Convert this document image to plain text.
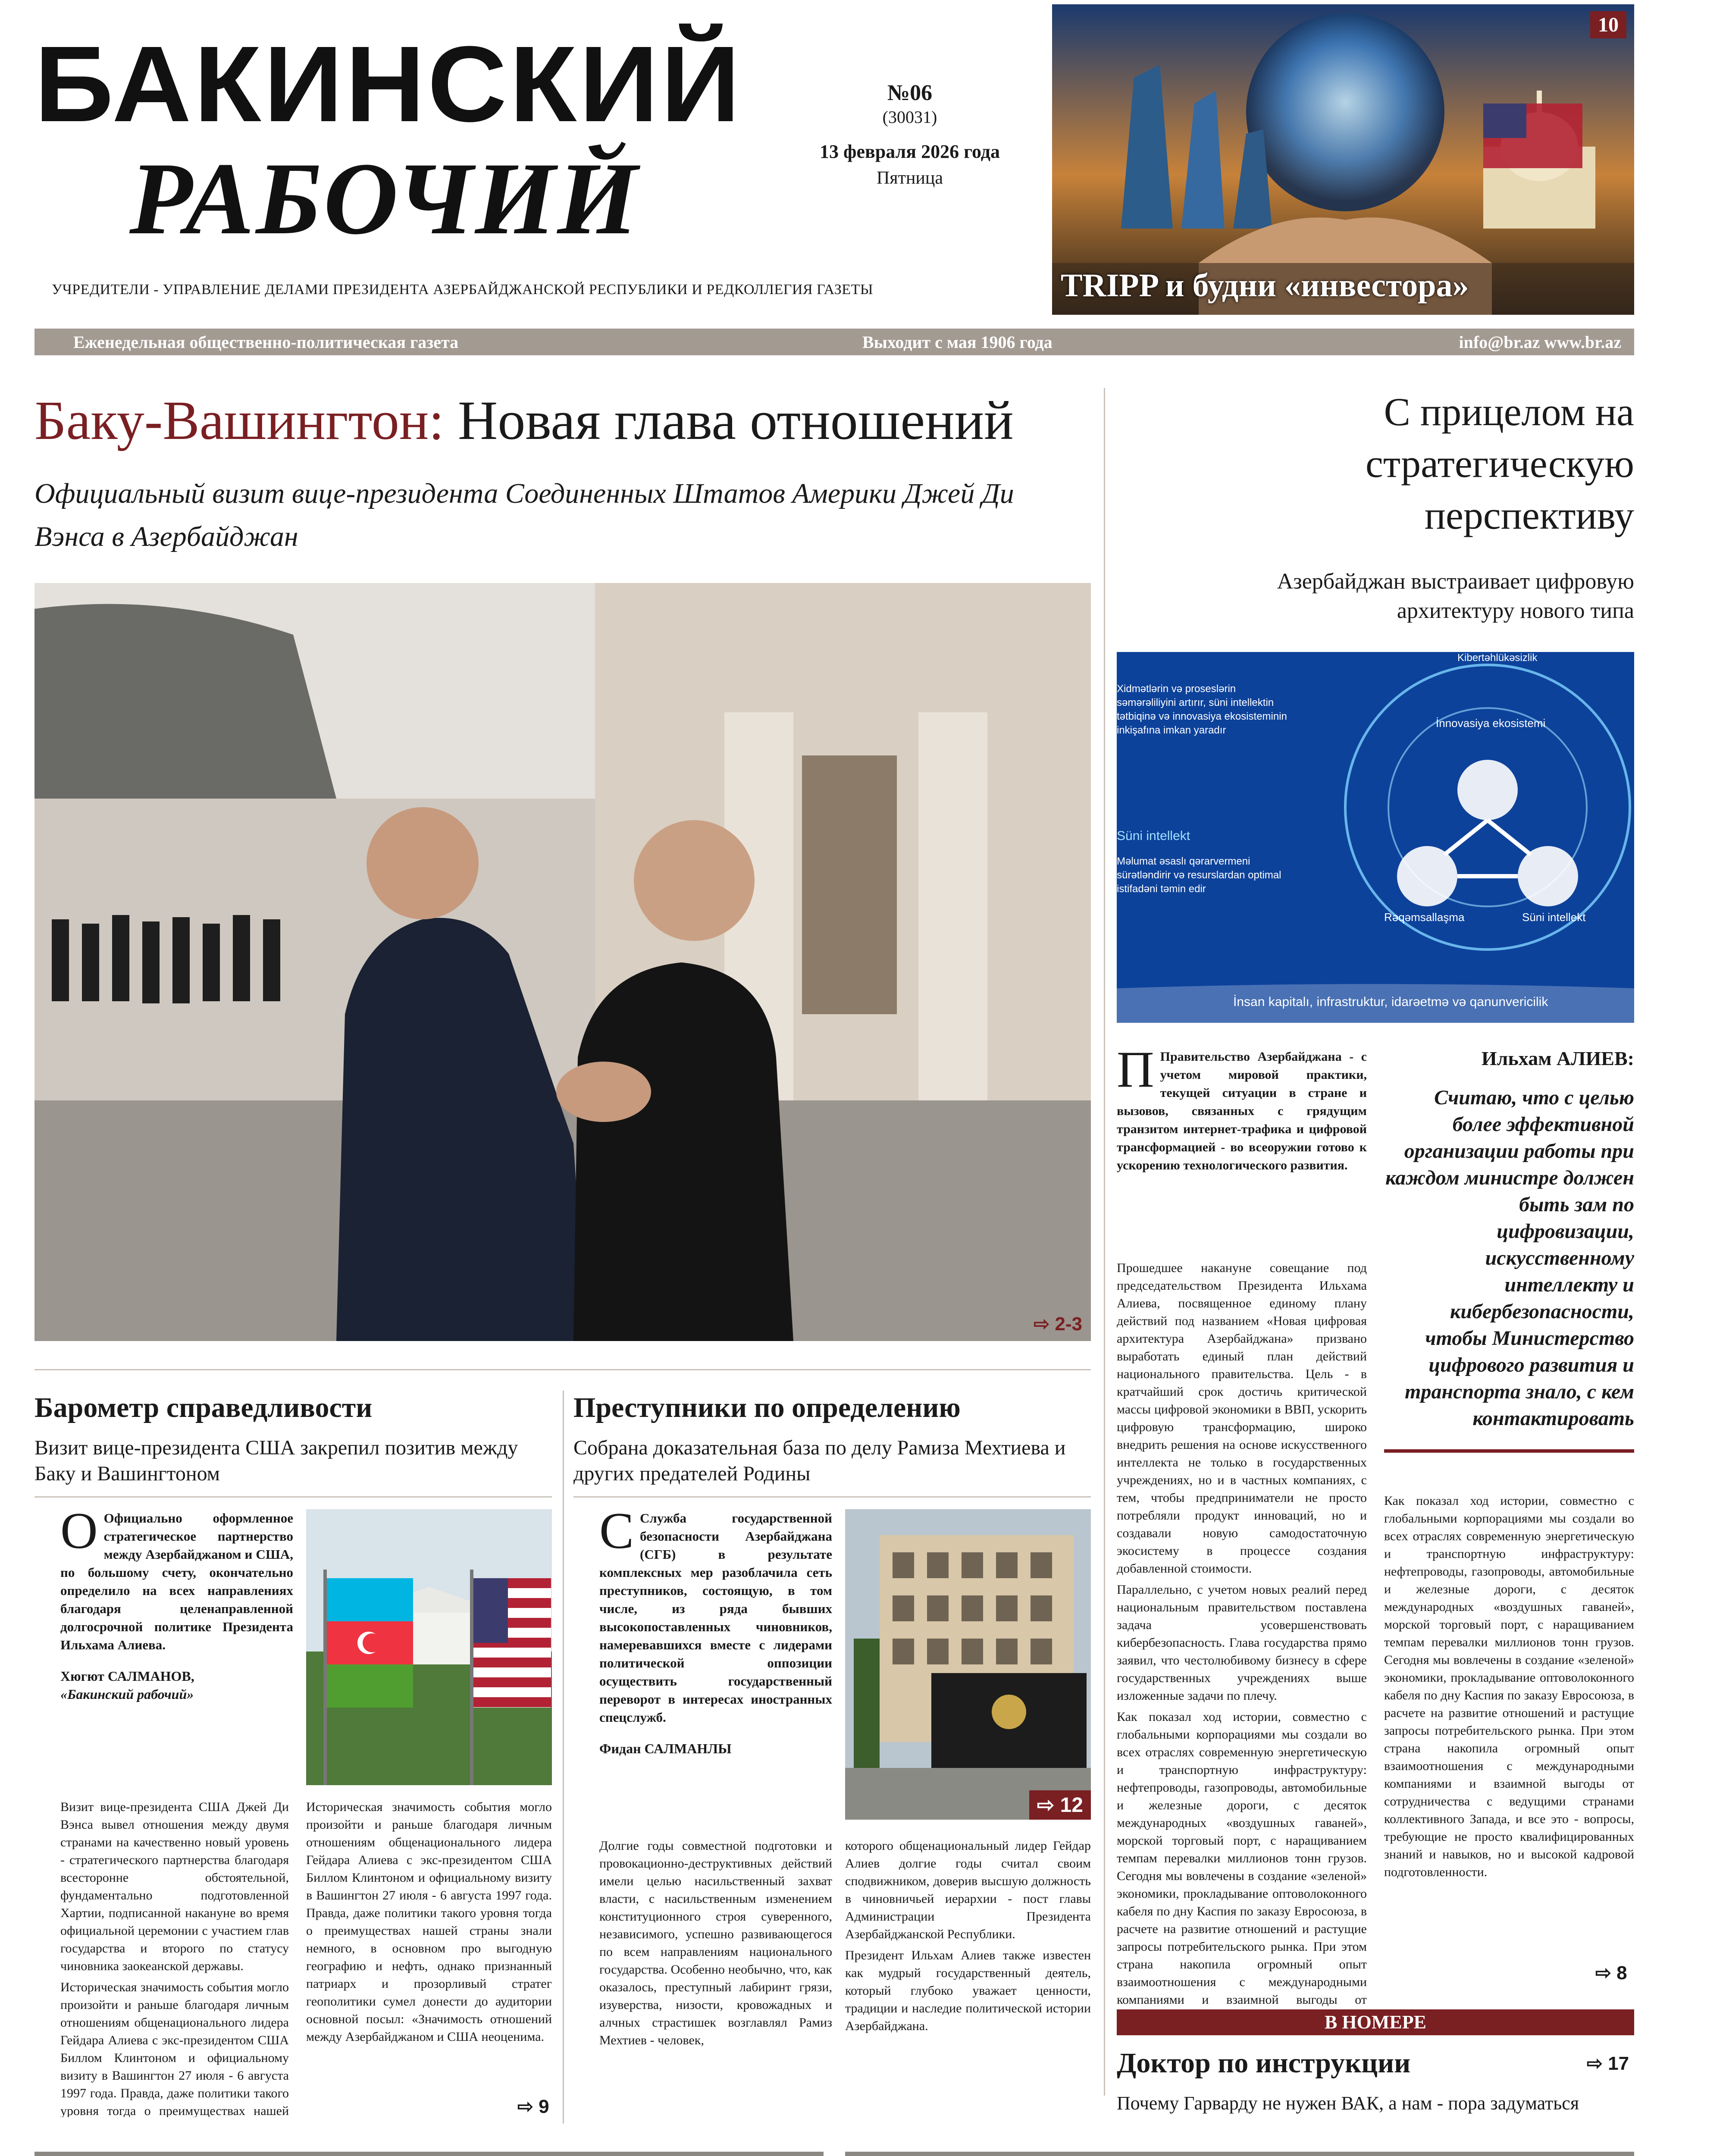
БАКИНСКИЙ
РАБОЧИЙ
№06
(30031)
13 февраля 2026 года
Пятница
УЧРЕДИТЕЛИ - УПРАВЛЕНИЕ ДЕЛАМИ ПРЕЗИДЕНТА АЗЕРБАЙДЖАНСКОЙ РЕСПУБЛИКИ И РЕДКОЛЛЕГИЯ ГАЗЕТЫ
Еженедельная общественно-политическая газета	Выходит с мая 1906 года	info@br.az www.br.az
10
TRIPP и будни «инвестора»
Баку-Вашингтон: Новая глава отношений
Официальный визит вице-президента Соединенных Штатов Америки Джей Ди Вэнса в Азербайджан
⇨ 2-3
С прицелом на стратегическую перспективу
Азербайджан выстраивает цифровую архитектуру нового типа
Xidmətlərin və proseslərin səmərəliliyini artırır, süni intellektin tətbiqinə və innovasiya ekosisteminin inkişafına imkan yaradır
Süni intellekt
Məlumat əsaslı qərarvermeni sürətləndirir və resurslardan optimal istifadəni təmin edir
Kibertəhlükəsizlik
İnnovasiya ekosistemi
Rəqəmsallaşma	Süni intellekt
İnsan kapitalı, infrastruktur, idarəetmə və qanunvericilik
П Правительство Азербайджана - с учетом мировой практики, текущей ситуации в стране и вызовов, связанных с грядущим транзитом интернет-трафика и цифровой трансформацией - во всеоружии готово к ускорению технологического развития.

Прошедшее накануне совещание под председательством Президента Ильхама Алиева, посвященное единому плану действий под названием «Новая цифровая архитектура Азербайджана» призвано выработать единый план действий национального правительства. Цель - в кратчайший срок достичь критической массы цифровой экономики в ВВП, ускорить цифровую трансформацию, широко внедрить решения на основе искусственного интеллекта не только в государственных учреждениях, но и в частных компаниях, с тем, чтобы предприниматели не просто потребляли продукт инноваций, но и создавали новую самодостаточную экосистему в процессе создания добавленной стоимости.

Параллельно, с учетом новых реалий перед национальным правительством поставлена задача усовершенствовать кибербезопасность. Глава государства прямо заявил, что честолюбивому бизнесу в сфере государственных учреждениях выше изложенные задачи по плечу.

Как показал ход истории, совместно с глобальными корпорациями мы создали во всех отраслях современную энергетическую и транспортную инфраструктуру: нефтепроводы, газопроводы, автомобильные и железные дороги, с десяток международных «воздушных гаваней», морской торговый порт, с наращиванием темпам перевалки миллионов тонн грузов. Сегодня мы вовлечены в создание «зеленой» экономики, прокладывание оптоволоконного кабеля по дну Каспия по заказу Евросоюза, в расчете на развитие отношений и растущие запросы потребительского рынка. При этом страна накопила огромный опыт взаимоотношения с международными компаниями и взаимной выгоды от

Ильхам АЛИЕВ:
Считаю, что с целью более эффективной организации работы при каждом министре должен быть зам по цифровизации, искусственному интеллекту и кибербезопасности, чтобы Министерство цифрового развития и транспорта знало, с кем контактировать

Как показал ход истории, совместно с глобальными корпорациями мы создали во всех отраслях современную энергетическую и транспортную инфраструктуру: нефтепроводы, газопроводы, автомобильные и железные дороги, с десяток международных «воздушных гаваней», морской торговый порт, с наращиванием темпам перевалки миллионов тонн грузов. Сегодня мы вовлечены в создание «зеленой» экономики, прокладывание оптоволоконного кабеля по дну Каспия по заказу Евросоюза, в расчете на развитие отношений и растущие запросы потребительского рынка. При этом страна накопила огромный опыт взаимоотношения с международными компаниями и взаимной выгоды от сотрудничества с ведущими странами коллективного Запада, и все это - вопросы, требующие не просто квалифицированных знаний и навыков, но и высокой кадровой подготовленности.

⇨ 8
Барометр справедливости
Визит вице-президента США закрепил позитив между Баку и Вашингтоном
О Официально оформленное стратегическое партнерство между Азербайджаном и США, по большому счету, окончательно определило на всех направлениях благодаря целенаправленной долгосрочной политике Президента Ильхама Алиева.
Хюгют САЛМАНОВ,
«Бакинский рабочий»

Визит вице-президента США Джей Ди Вэнса вывел отношения между двумя странами на качественно новый уровень - стратегического партнерства благодаря всесторонне обстоятельной, фундаментально подготовленной Хартии, подписанной накануне во время официальной церемонии с участием глав государства и второго по статусу чиновника заокеанской державы.

Историческая значимость события могло произойти и раньше благодаря личным отношениям общенационального лидера Гейдара Алиева с экс-президентом США Биллом Клинтоном и официальному визиту в Вашингтон 27 июля - 6 августа 1997 года. Правда, даже политики такого уровня тогда о преимуществах нашей

Историческая значимость события могло произойти и раньше благодаря личным отношениям общенационального лидера Гейдара Алиева с экс-президентом США Биллом Клинтоном и официальному визиту в Вашингтон 27 июля - 6 августа 1997 года. Правда, даже политики такого уровня тогда о преимуществах нашей страны знали немного, в основном про выгодную географию и нефть, однако признанный патриарх и прозорливый стратег геополитики сумел донести до аудитории основной посыл: «Значимость отношений между Азербайджаном и США неоценима.

⇨ 9
Преступники по определению
Собрана доказательная база по делу Рамиза Мехтиева и других предателей Родины
С Служба государственной безопасности Азербайджана (СГБ) в результате комплексных мер разоблачила сеть преступников, состоящую, в том числе, из ряда бывших высокопоставленных чиновников, намеревавшихся вместе с лидерами политической оппозиции осуществить государственный переворот в интересах иностранных спецслужб.
Фидан САЛМАНЛЫ
⇨ 12

Долгие годы совместной подготовки и провокационно-деструктивных действий имели целью насильственный захват власти, с насильственным изменением конституционного строя суверенного, независимого, успешно развивающегося по всем направлениям национального государства. Особенно необычно, что, как оказалось, преступный лабиринт грязи, изуверства, низости, кровожадных и алчных страстишек возглавлял Рамиз Мехтиев - человек,

которого общенациональный лидер Гейдар Алиев долгие годы считал своим сподвижником, доверив высшую должность в чиновничьей иерархии - пост главы Администрации Президента Азербайджанской Республики.

Президент Ильхам Алиев также известен как мудрый государственный деятель, который глубоко уважает ценности, традиции и наследие политической истории Азербайджана.	В НОМЕРЕ
Доктор по инструкции	⇨ 17
Почему Гарварду не нужен ВАК, а нам - пора задуматься
